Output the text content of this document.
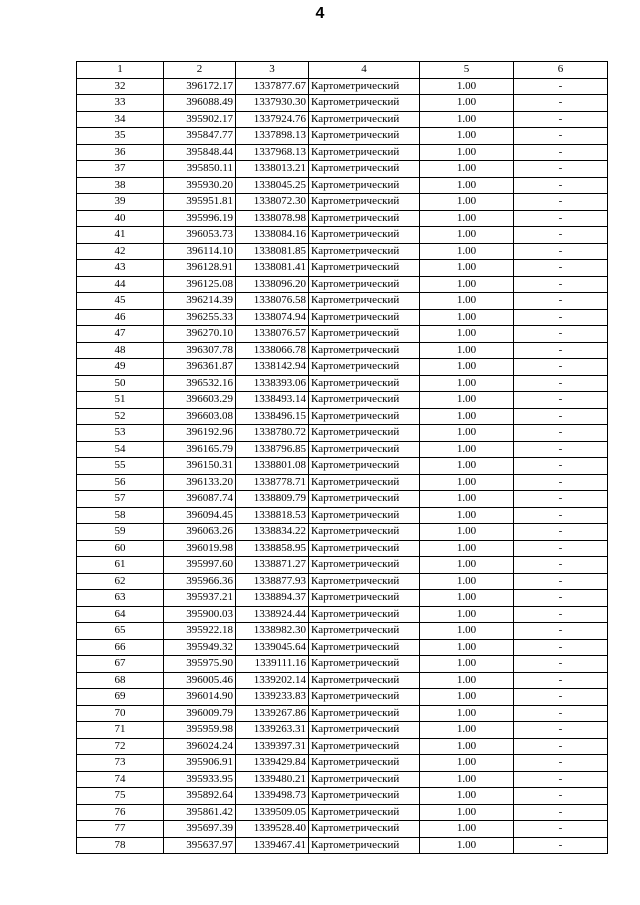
4
1	2	3	4	5	6
32	396172.17	1337877.67	Картометрический	1.00	-
33	396088.49	1337930.30	Картометрический	1.00	-
34	395902.17	1337924.76	Картометрический	1.00	-
35	395847.77	1337898.13	Картометрический	1.00	-
36	395848.44	1337968.13	Картометрический	1.00	-
37	395850.11	1338013.21	Картометрический	1.00	-
38	395930.20	1338045.25	Картометрический	1.00	-
39	395951.81	1338072.30	Картометрический	1.00	-
40	395996.19	1338078.98	Картометрический	1.00	-
41	396053.73	1338084.16	Картометрический	1.00	-
42	396114.10	1338081.85	Картометрический	1.00	-
43	396128.91	1338081.41	Картометрический	1.00	-
44	396125.08	1338096.20	Картометрический	1.00	-
45	396214.39	1338076.58	Картометрический	1.00	-
46	396255.33	1338074.94	Картометрический	1.00	-
47	396270.10	1338076.57	Картометрический	1.00	-
48	396307.78	1338066.78	Картометрический	1.00	-
49	396361.87	1338142.94	Картометрический	1.00	-
50	396532.16	1338393.06	Картометрический	1.00	-
51	396603.29	1338493.14	Картометрический	1.00	-
52	396603.08	1338496.15	Картометрический	1.00	-
53	396192.96	1338780.72	Картометрический	1.00	-
54	396165.79	1338796.85	Картометрический	1.00	-
55	396150.31	1338801.08	Картометрический	1.00	-
56	396133.20	1338778.71	Картометрический	1.00	-
57	396087.74	1338809.79	Картометрический	1.00	-
58	396094.45	1338818.53	Картометрический	1.00	-
59	396063.26	1338834.22	Картометрический	1.00	-
60	396019.98	1338858.95	Картометрический	1.00	-
61	395997.60	1338871.27	Картометрический	1.00	-
62	395966.36	1338877.93	Картометрический	1.00	-
63	395937.21	1338894.37	Картометрический	1.00	-
64	395900.03	1338924.44	Картометрический	1.00	-
65	395922.18	1338982.30	Картометрический	1.00	-
66	395949.32	1339045.64	Картометрический	1.00	-
67	395975.90	1339111.16	Картометрический	1.00	-
68	396005.46	1339202.14	Картометрический	1.00	-
69	396014.90	1339233.83	Картометрический	1.00	-
70	396009.79	1339267.86	Картометрический	1.00	-
71	395959.98	1339263.31	Картометрический	1.00	-
72	396024.24	1339397.31	Картометрический	1.00	-
73	395906.91	1339429.84	Картометрический	1.00	-
74	395933.95	1339480.21	Картометрический	1.00	-
75	395892.64	1339498.73	Картометрический	1.00	-
76	395861.42	1339509.05	Картометрический	1.00	-
77	395697.39	1339528.40	Картометрический	1.00	-
78	395637.97	1339467.41	Картометрический	1.00	-
